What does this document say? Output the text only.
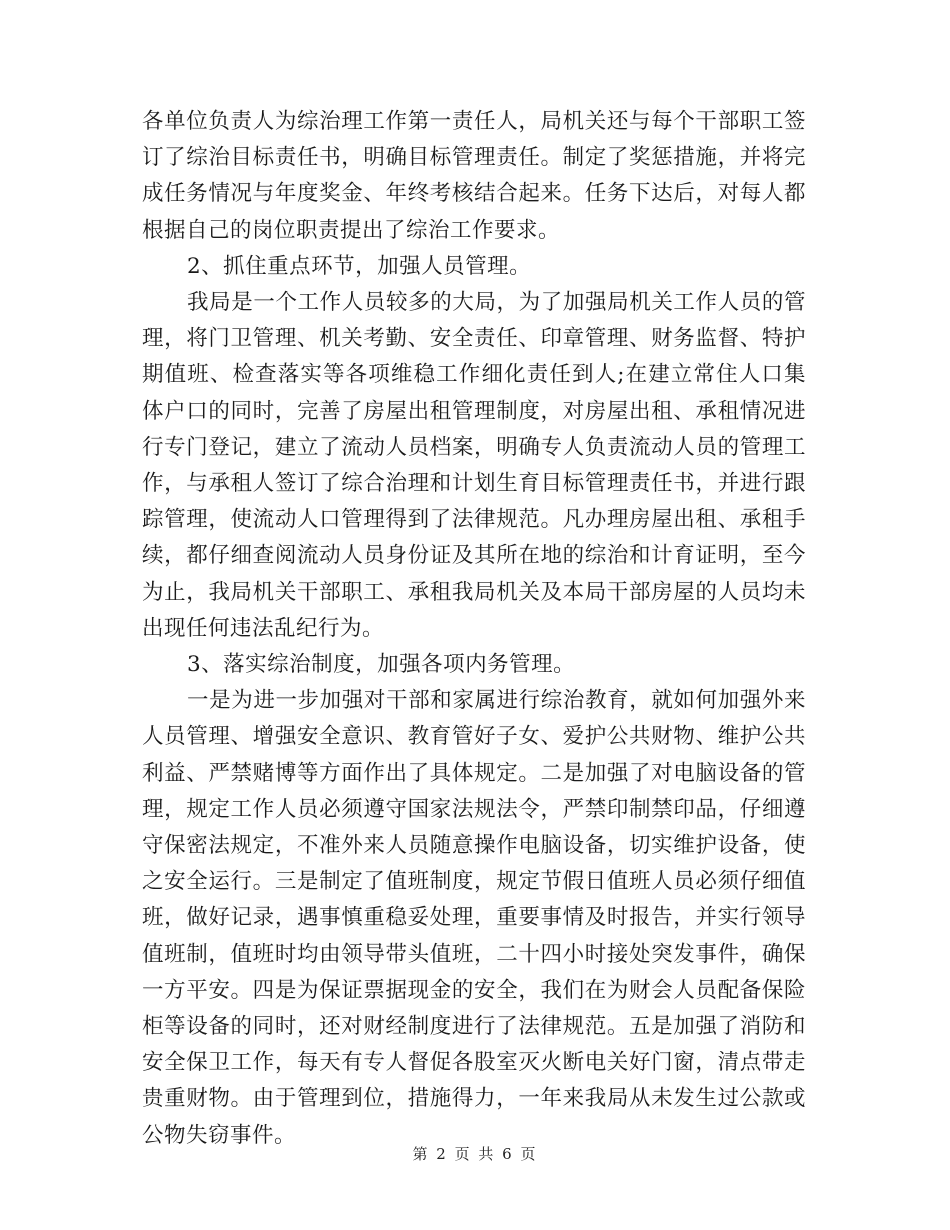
各单位负责人为综治理工作第一责任人，局机关还与每个干部职工签订了综治目标责任书，明确目标管理责任。制定了奖惩措施，并将完成任务情况与年度奖金、年终考核结合起来。任务下达后，对每人都根据自己的岗位职责提出了综治工作要求。

2、抓住重点环节，加强人员管理。

我局是一个工作人员较多的大局，为了加强局机关工作人员的管理，将门卫管理、机关考勤、安全责任、印章管理、财务监督、特护期值班、检查落实等各项维稳工作细化责任到人;在建立常住人口集体户口的同时，完善了房屋出租管理制度，对房屋出租、承租情况进行专门登记，建立了流动人员档案，明确专人负责流动人员的管理工作，与承租人签订了综合治理和计划生育目标管理责任书，并进行跟踪管理，使流动人口管理得到了法律规范。凡办理房屋出租、承租手续，都仔细查阅流动人员身份证及其所在地的综治和计育证明，至今为止，我局机关干部职工、承租我局机关及本局干部房屋的人员均未出现任何违法乱纪行为。

3、落实综治制度，加强各项内务管理。

一是为进一步加强对干部和家属进行综治教育，就如何加强外来人员管理、增强安全意识、教育管好子女、爱护公共财物、维护公共利益、严禁赌博等方面作出了具体规定。二是加强了对电脑设备的管理，规定工作人员必须遵守国家法规法令，严禁印制禁印品，仔细遵守保密法规定，不准外来人员随意操作电脑设备，切实维护设备，使之安全运行。三是制定了值班制度，规定节假日值班人员必须仔细值班，做好记录，遇事慎重稳妥处理，重要事情及时报告，并实行领导值班制，值班时均由领导带头值班，二十四小时接处突发事件，确保一方平安。四是为保证票据现金的安全，我们在为财会人员配备保险柜等设备的同时，还对财经制度进行了法律规范。五是加强了消防和安全保卫工作，每天有专人督促各股室灭火断电关好门窗，清点带走贵重财物。由于管理到位，措施得力，一年来我局从未发生过公款或公物失窃事件。

第 2 页 共 6 页
